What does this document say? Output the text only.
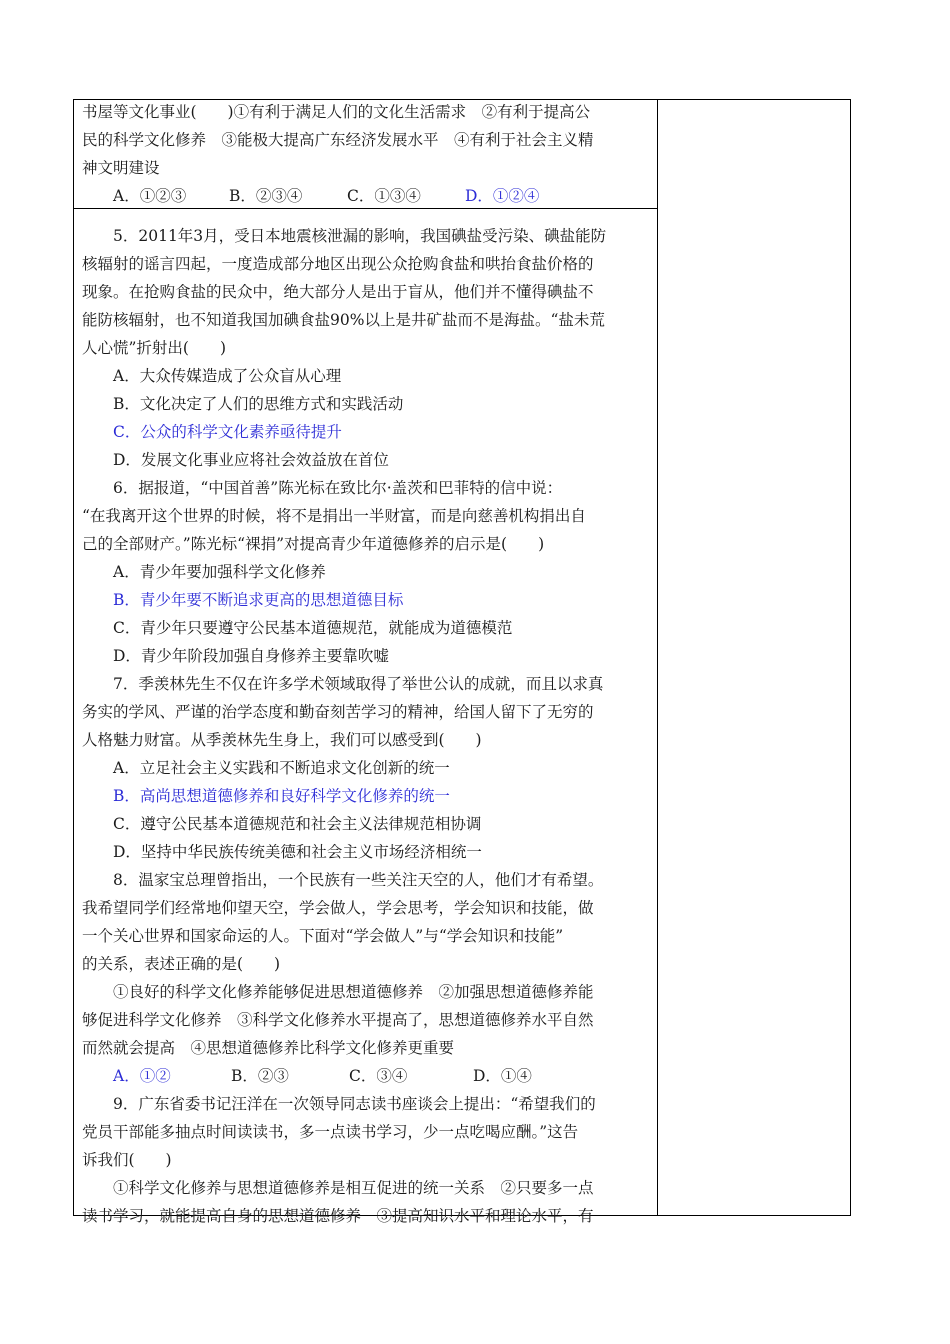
书屋等文化事业(　　)①有利于满足人们的文化生活需求　②有利于提高公
民的科学文化修养　③能极大提高广东经济发展水平　④有利于社会主义精
神文明建设
A．①②③	B．②③④	C．①③④	D．①②④
5．2011年3月，受日本地震核泄漏的影响，我国碘盐受污染、碘盐能防
核辐射的谣言四起，一度造成部分地区出现公众抢购食盐和哄抬食盐价格的
现象。在抢购食盐的民众中，绝大部分人是出于盲从，他们并不懂得碘盐不
能防核辐射，也不知道我国加碘食盐90%以上是井矿盐而不是海盐。“盐未荒
人心慌”折射出(　　)
A．大众传媒造成了公众盲从心理
B．文化决定了人们的思维方式和实践活动
C．公众的科学文化素养亟待提升
D．发展文化事业应将社会效益放在首位
6．据报道，“中国首善”陈光标在致比尔·盖茨和巴菲特的信中说：
“在我离开这个世界的时候，将不是捐出一半财富，而是向慈善机构捐出自
己的全部财产。”陈光标“裸捐”对提高青少年道德修养的启示是(　　)
A．青少年要加强科学文化修养
B．青少年要不断追求更高的思想道德目标
C．青少年只要遵守公民基本道德规范，就能成为道德模范
D．青少年阶段加强自身修养主要靠吹嘘
7．季羡林先生不仅在许多学术领域取得了举世公认的成就，而且以求真
务实的学风、严谨的治学态度和勤奋刻苦学习的精神，给国人留下了无穷的
人格魅力财富。从季羡林先生身上，我们可以感受到(　　)
A．立足社会主义实践和不断追求文化创新的统一
B．高尚思想道德修养和良好科学文化修养的统一
C．遵守公民基本道德规范和社会主义法律规范相协调
D．坚持中华民族传统美德和社会主义市场经济相统一
8．温家宝总理曾指出，一个民族有一些关注天空的人，他们才有希望。
我希望同学们经常地仰望天空，学会做人，学会思考，学会知识和技能，做
一个关心世界和国家命运的人。下面对“学会做人”与“学会知识和技能”
的关系，表述正确的是(　　)
①良好的科学文化修养能够促进思想道德修养　②加强思想道德修养能
够促进科学文化修养　③科学文化修养水平提高了，思想道德修养水平自然
而然就会提高　④思想道德修养比科学文化修养更重要
A．①②	B．②③	C．③④	D．①④
9．广东省委书记汪洋在一次领导同志读书座谈会上提出：“希望我们的
党员干部能多抽点时间读读书，多一点读书学习，少一点吃喝应酬。”这告
诉我们(　　)
①科学文化修养与思想道德修养是相互促进的统一关系　②只要多一点
读书学习，就能提高自身的思想道德修养　③提高知识水平和理论水平，有
